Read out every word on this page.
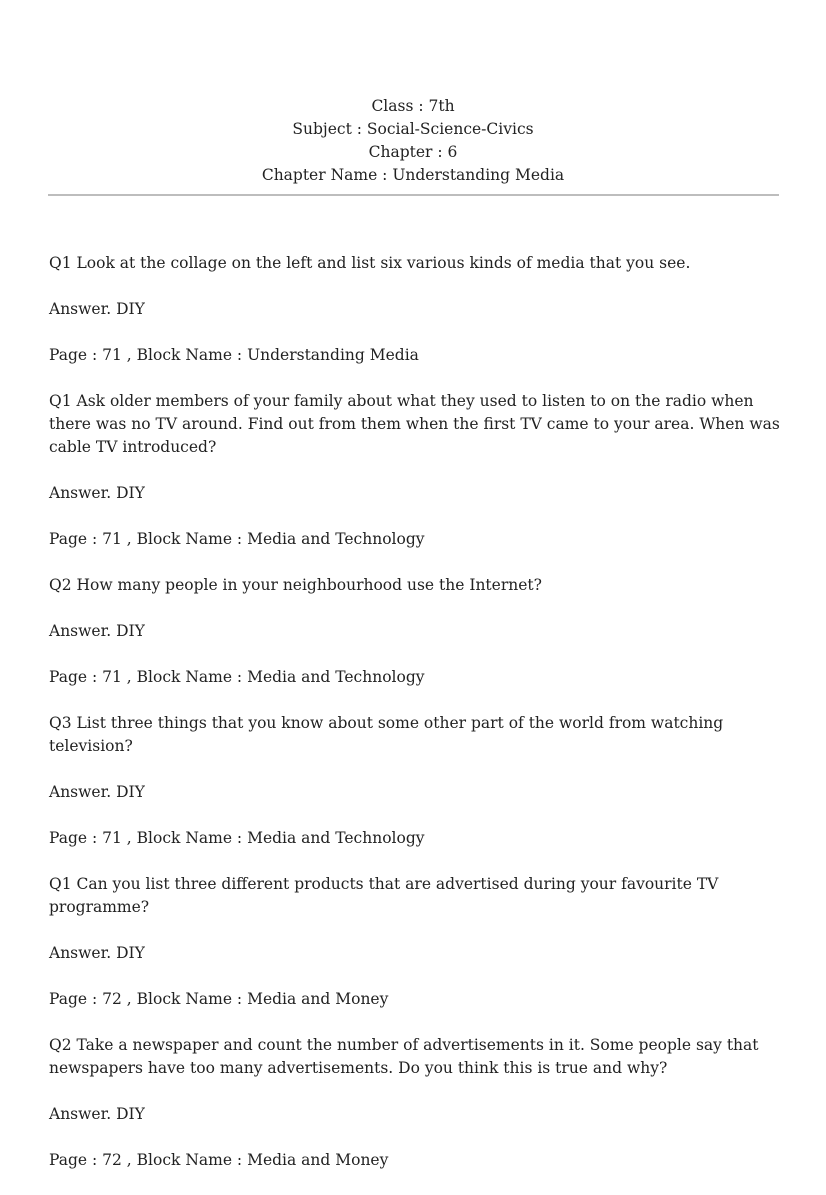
Class : 7th
Subject : Social-Science-Civics
Chapter : 6
Chapter Name : Understanding Media

Q1 Look at the collage on the left and list six various kinds of media that you see.

Answer. DIY

Page : 71 , Block Name : Understanding Media

Q1 Ask older members of your family about what they used to listen to on the radio when there was no TV around. Find out from them when the first TV came to your area. When was cable TV introduced?

Answer. DIY

Page : 71 , Block Name : Media and Technology

Q2 How many people in your neighbourhood use the Internet?

Answer. DIY

Page : 71 , Block Name : Media and Technology

Q3 List three things that you know about some other part of the world from watching television?

Answer. DIY

Page : 71 , Block Name : Media and Technology

Q1 Can you list three different products that are advertised during your favourite TV programme?

Answer. DIY

Page : 72 , Block Name : Media and Money

Q2 Take a newspaper and count the number of advertisements in it. Some people say that newspapers have too many advertisements. Do you think this is true and why?

Answer. DIY

Page : 72 , Block Name : Media and Money
